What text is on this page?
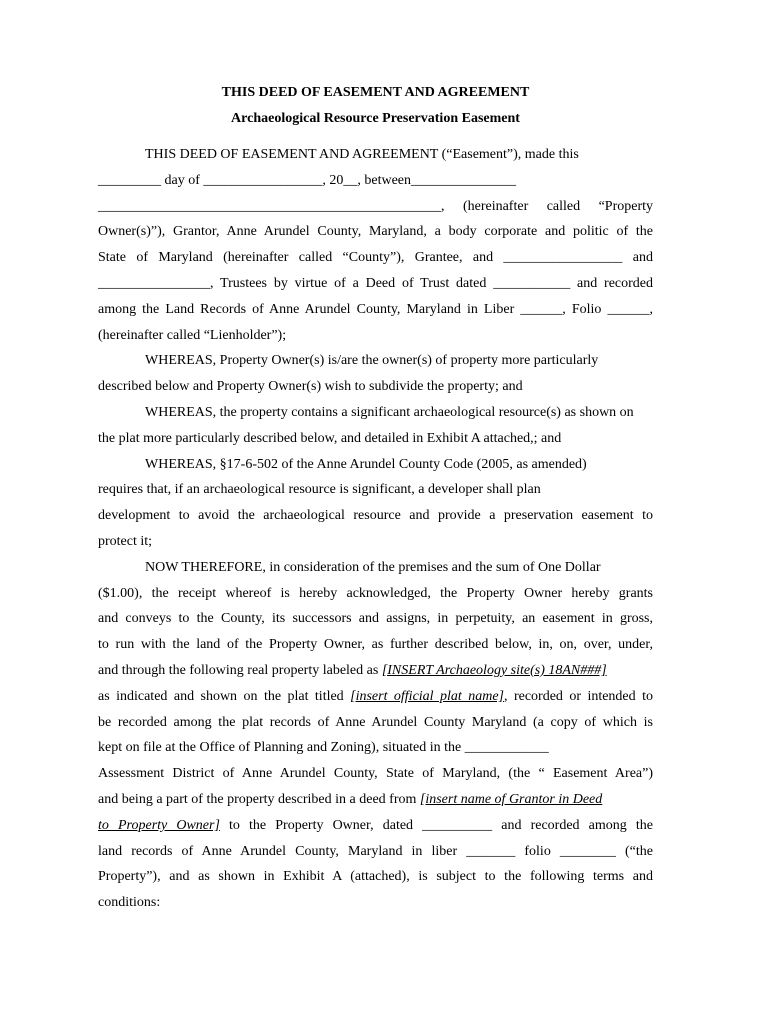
THIS DEED OF EASEMENT AND AGREEMENT
Archaeological Resource Preservation Easement
THIS DEED OF EASEMENT AND AGREEMENT (“Easement”), made this
_________ day of _________________, 20__, between_______________
_________________________________________________, (hereinafter called “Property
Owner(s)”), Grantor, Anne Arundel County, Maryland, a body corporate and politic of the
State of Maryland (hereinafter called “County”), Grantee, and _________________ and
________________, Trustees by virtue of a Deed of Trust dated ___________ and recorded
among the Land Records of Anne Arundel County, Maryland in Liber ______, Folio ______,
(hereinafter called “Lienholder”);
WHEREAS, Property Owner(s) is/are the owner(s) of property more particularly
described below and Property Owner(s) wish to subdivide the property; and
WHEREAS, the property contains a significant archaeological resource(s) as shown on
the plat more particularly described below, and detailed in Exhibit A attached,; and
WHEREAS, §17-6-502 of the Anne Arundel County Code (2005, as amended)
requires that, if an archaeological resource is significant, a developer shall plan
development to avoid the archaeological resource and provide a preservation easement to
protect it;
NOW THEREFORE, in consideration of the premises and the sum of One Dollar
($1.00), the receipt whereof is hereby acknowledged, the Property Owner hereby grants
and conveys to the County, its successors and assigns, in perpetuity, an easement in gross,
to run with the land of the Property Owner, as further described below, in, on, over, under,
and through the following real property labeled as [INSERT Archaeology site(s) 18AN###]
as indicated and shown on the plat titled [insert official plat name], recorded or intended to
be recorded among the plat records of Anne Arundel County Maryland (a copy of which is
kept on file at the Office of Planning and Zoning), situated in the ____________
Assessment District of Anne Arundel County, State of Maryland, (the “ Easement Area”)
and being a part of the property described in a deed from [insert name of Grantor in Deed
to Property Owner] to the Property Owner, dated __________ and recorded among the
land records of Anne Arundel County, Maryland in liber _______ folio ________ (“the
Property”), and as shown in Exhibit A (attached), is subject to the following terms and
conditions:
